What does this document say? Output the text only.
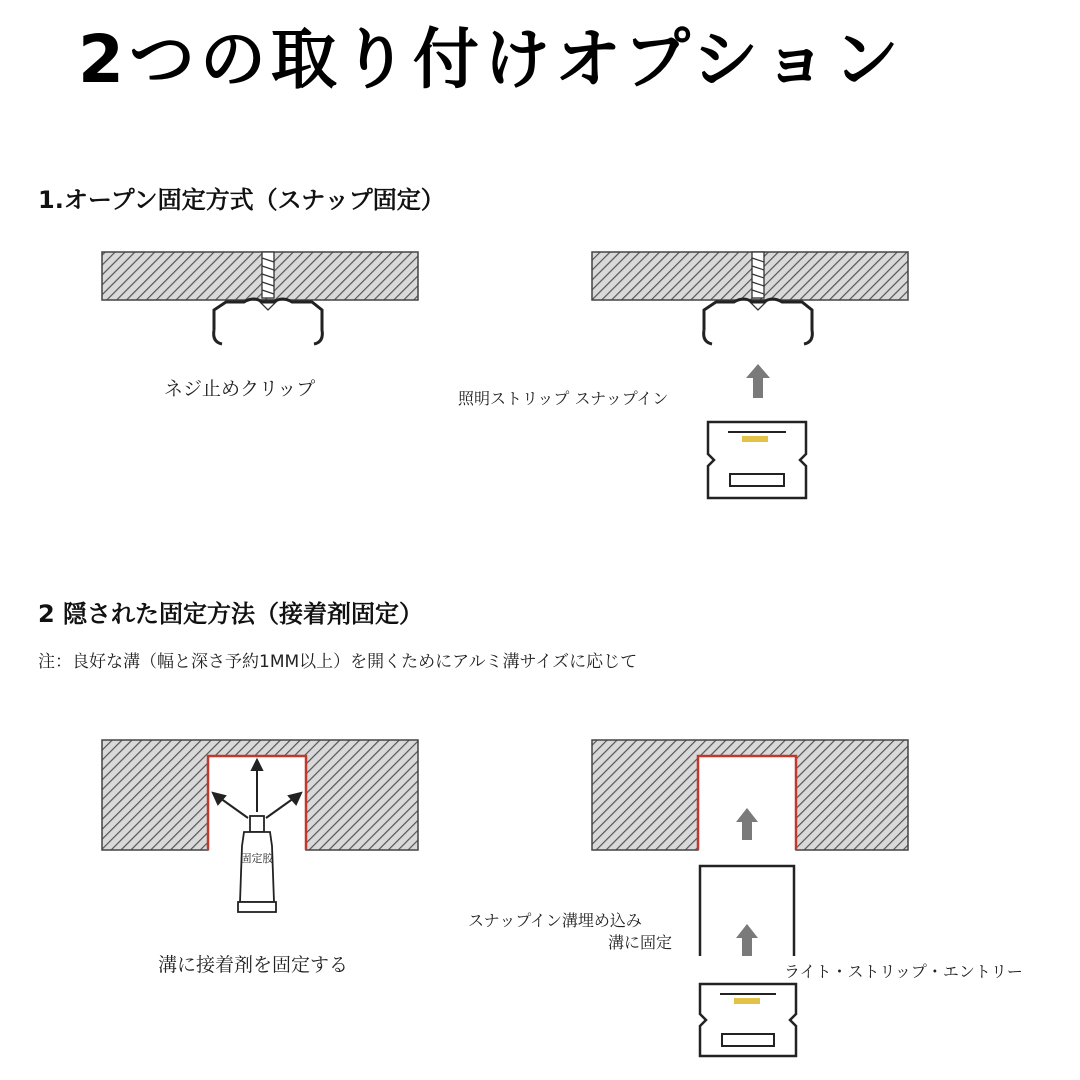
2つの取り付けオプション
1.オープン固定方式（スナップ固定）
ネジ止めクリップ	照明ストリップ スナップイン
2 隠された固定方法（接着剤固定）
注：良好な溝（幅と深さ予約1MM以上）を開くためにアルミ溝サイズに応じて
溝に接着剤を固定する
スナップイン溝埋め込み
溝に固定
ライト・ストリップ・エントリー
固定胶
